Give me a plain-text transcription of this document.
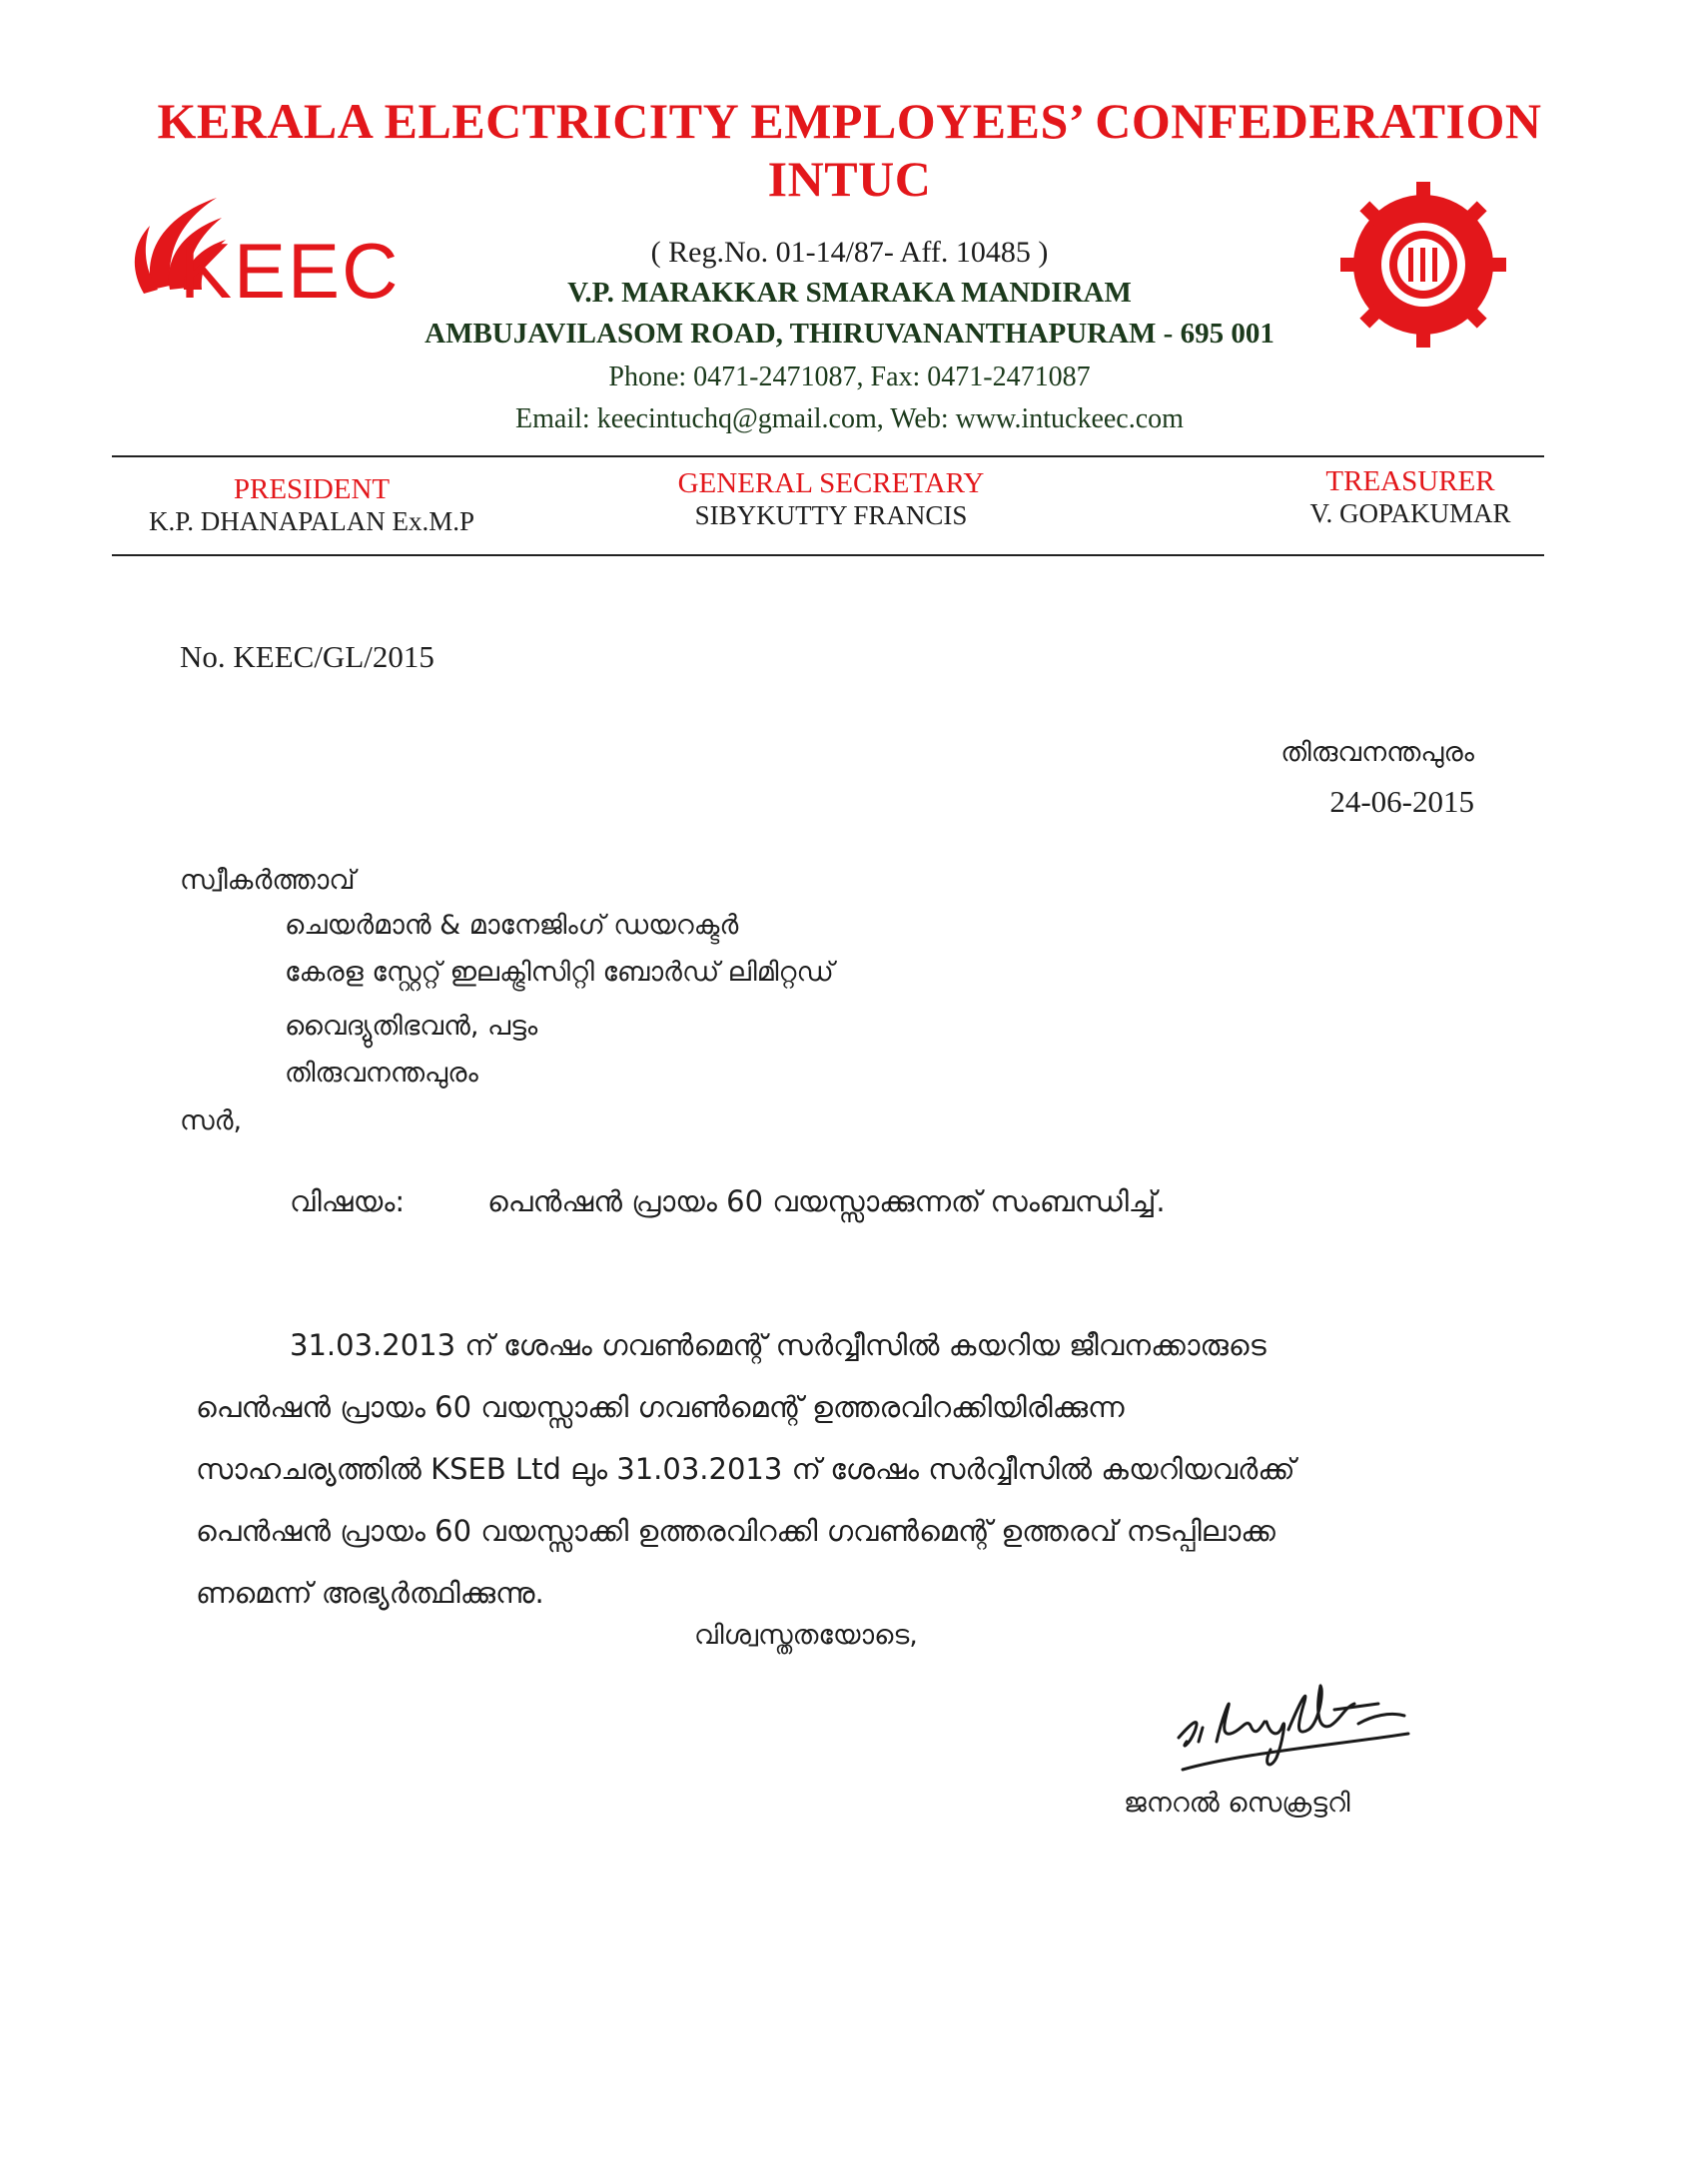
KERALA ELECTRICITY EMPLOYEES’ CONFEDERATION
INTUC
KEEC	( Reg.No. 01-14/87- Aff. 10485 )
V.P. MARAKKAR SMARAKA MANDIRAM
AMBUJAVILASOM ROAD, THIRUVANANTHAPURAM - 695 001
Phone: 0471-2471087, Fax: 0471-2471087
Email: keecintuchq@gmail.com, Web: www.intuckeec.com
PRESIDENT
K.P. DHANAPALAN Ex.M.P
GENERAL SECRETARY
SIBYKUTTY FRANCIS
TREASURER
V. GOPAKUMAR
No. KEEC/GL/2015
തിരുവനന്തപുരം
24-06-2015
സ്വീകർത്താവ്
ചെയർമാൻ & മാനേജിംഗ് ഡയറക്ടർ
കേരള സ്റ്റേറ്റ് ഇലക്ട്രിസിറ്റി ബോർഡ് ലിമിറ്റഡ്
വൈദ്യുതിഭവൻ, പട്ടം
തിരുവനന്തപുരം
സർ,
വിഷയം:	പെൻഷൻ പ്രായം 60 വയസ്സാക്കുന്നത് സംബന്ധിച്ച്.
31.03.2013 ന് ശേഷം ഗവൺമെന്റ് സർവ്വീസിൽ കയറിയ ജീവനക്കാരുടെ
പെൻഷൻ പ്രായം 60 വയസ്സാക്കി ഗവൺമെന്റ് ഉത്തരവിറക്കിയിരിക്കുന്ന
സാഹചര്യത്തിൽ KSEB Ltd ലും 31.03.2013 ന് ശേഷം സർവ്വീസിൽ കയറിയവർക്ക്
പെൻഷൻ പ്രായം 60 വയസ്സാക്കി ഉത്തരവിറക്കി ഗവൺമെന്റ് ഉത്തരവ് നടപ്പിലാക്ക
ണമെന്ന് അഭ്യർത്ഥിക്കുന്നു.
വിശ്വസ്തതയോടെ,
ജനറൽ സെക്രട്ടറി
